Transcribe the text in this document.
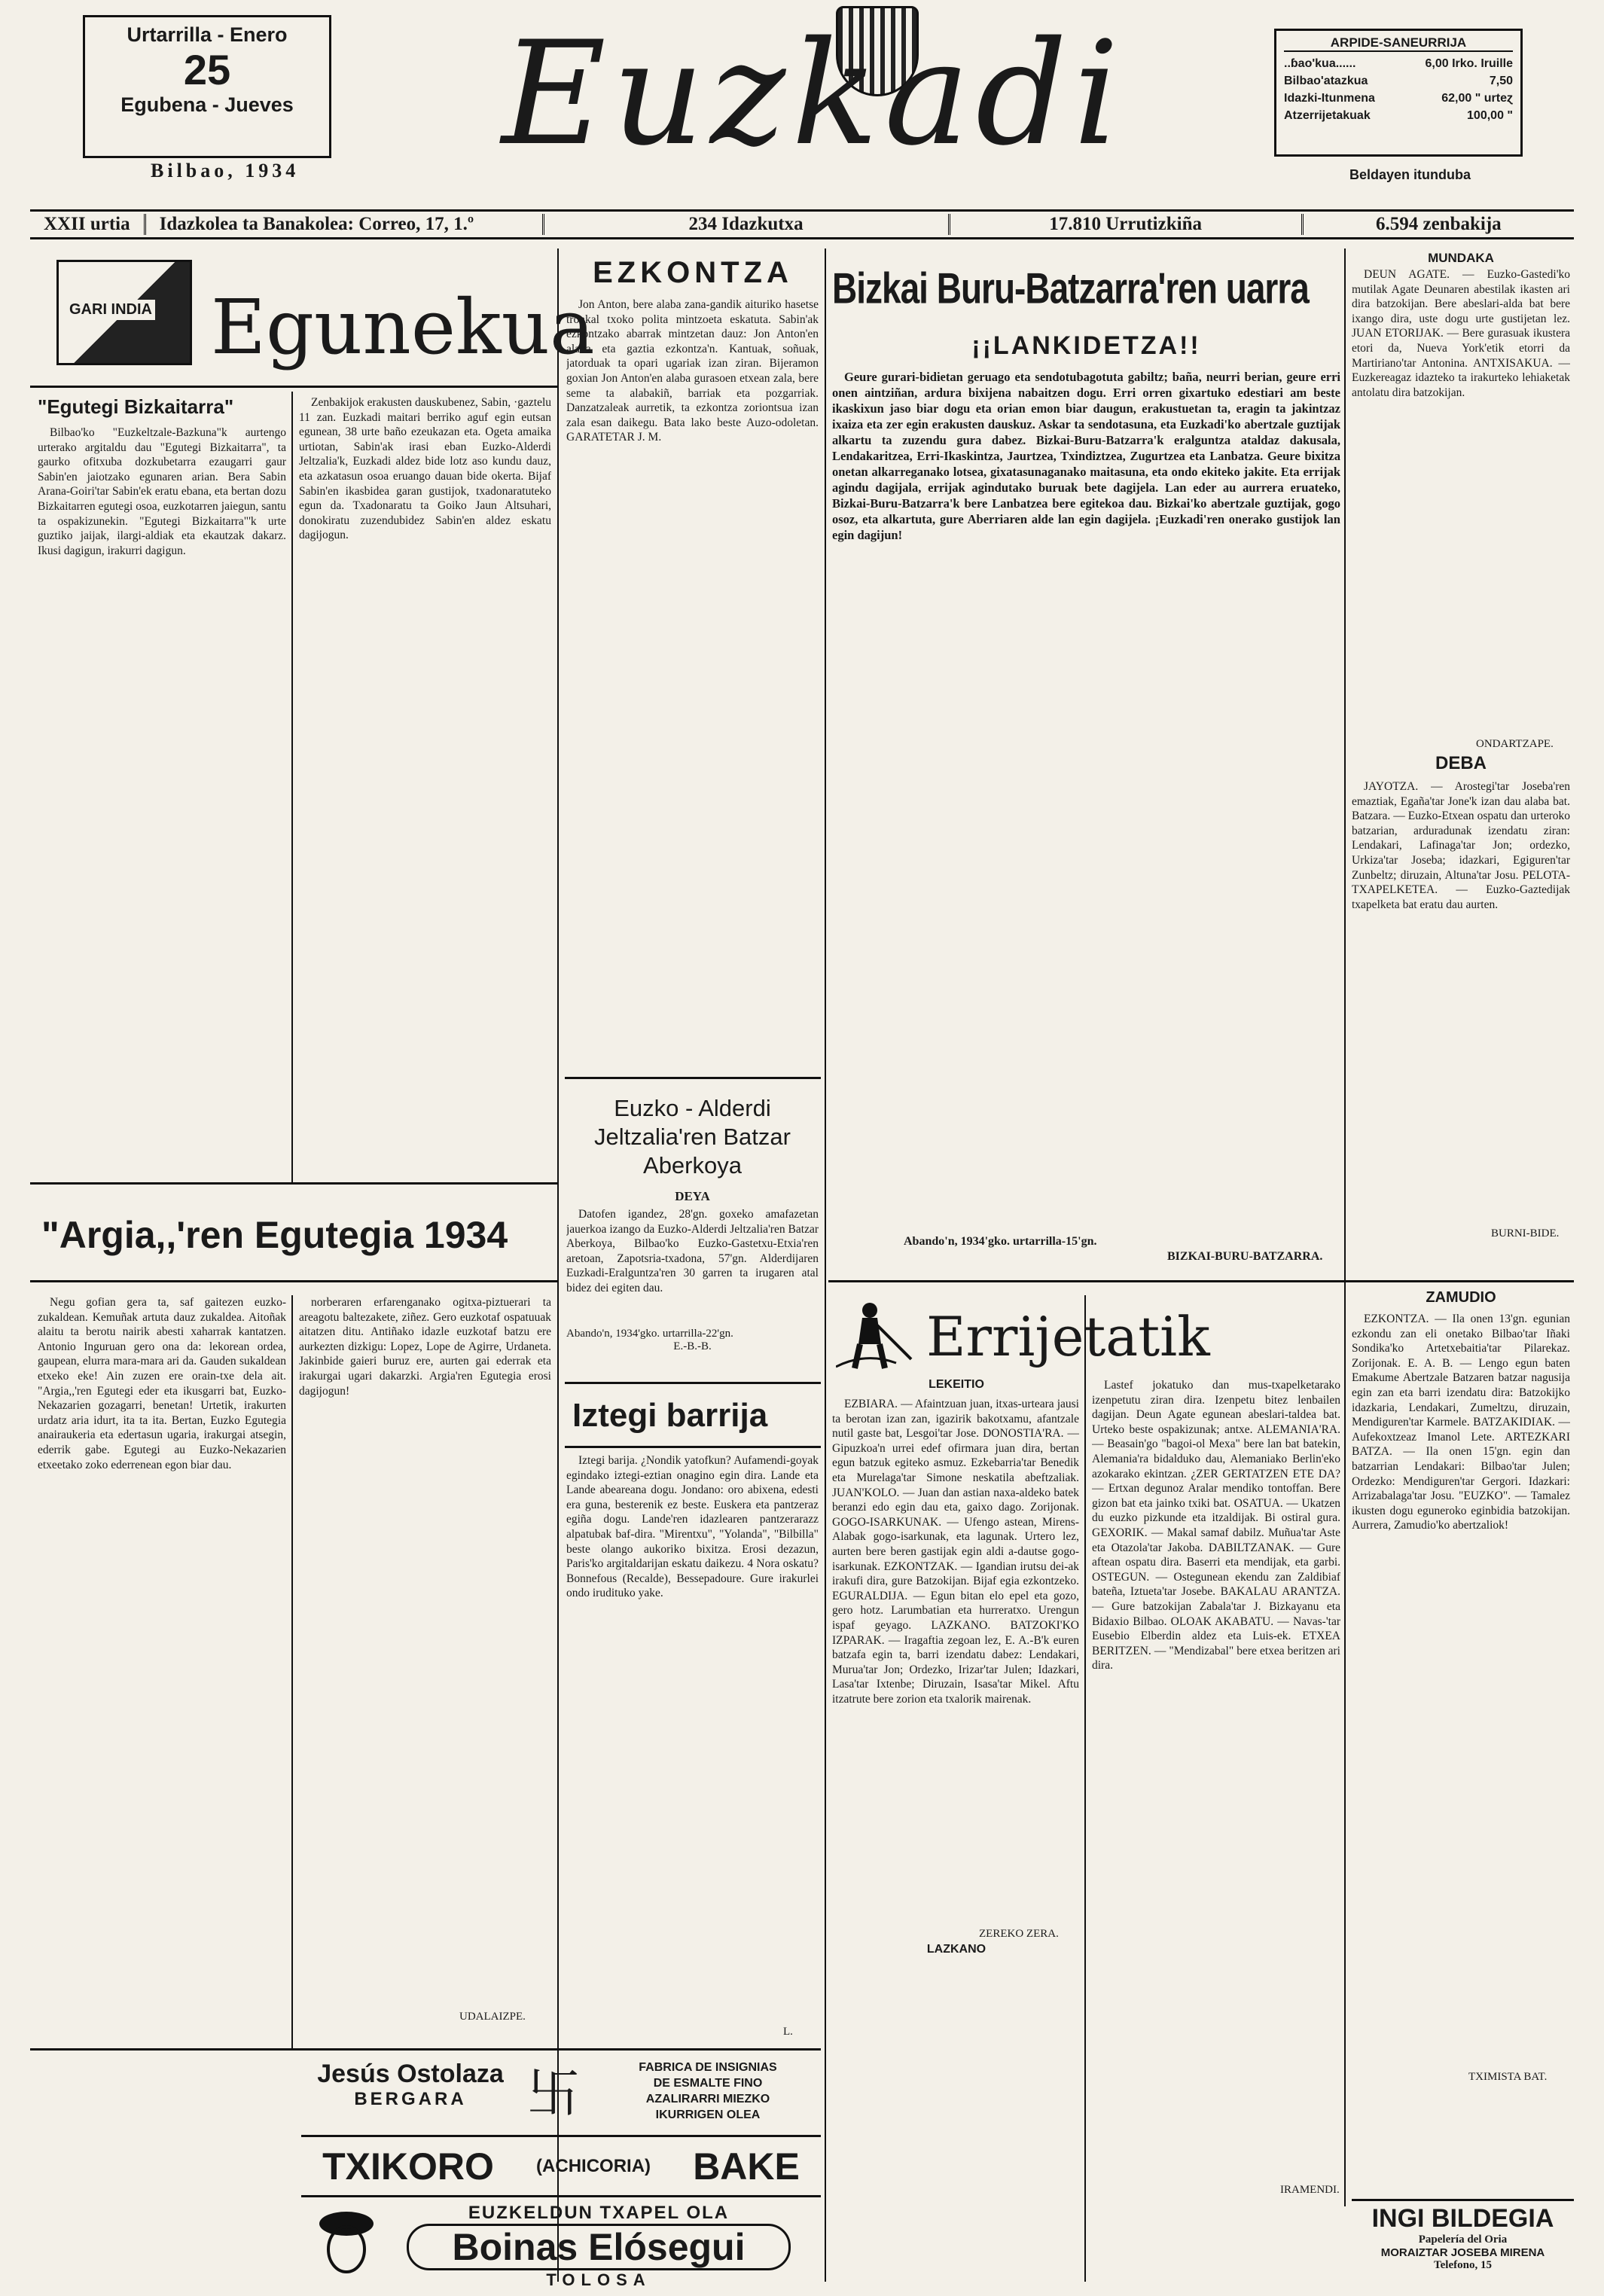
Urtarrilla - Enero
25
Egubena - Jueves
Bilbao, 1934 Euzkadi	ARPIDE-SANEURRIJA
..ɓao'kua......	6,00 Irko. Iruille
Bilbao'atazkua	7,50
Idazki-Itunmena	62,00 " urteɀ
Atzerrijetakuak	100,00 "
Beldayen itunduba
XXII urtia	Idazkolea ta Banakolea: Correo, 17, 1.º	234 Idazkutxa	17.810 Urrutizkiña	6.594 zenbakija
GARI INDIA Egunekua
"Egutegi Bizkaitarra"

Bilbao'ko "Euzkeltzale-Bazkuna"k aurtengo urterako argitaldu dau "Egutegi Bizkaitarra", ta gaurko ofitxuba dozkubetarra ezaugarri gaur Sabin'en jaiotzako egunaren arian. Bera Sabin Arana-Goiri'tar Sabin'ek eratu ebana, eta bertan dozu Bizkaitarren egutegi osoa, euzkotarren jaiegun, santu ta ospakizunekin. "Egutegi Bizkaitarra"'k urte guztiko jaijak, ilargi-aldiak eta ekautzak dakarz. Ikusi dagigun, irakurri dagigun.

Zenbakijok erakusten dauskubenez, Sabin, ·gaztelu 11 zan. Euzkadi maitari berriko aguf egin eutsan egunean, 38 urte baño ezeukazan eta. Ogeta amaika urtiotan, Sabin'ak irasi eban Euzko-Alderdi Jeltzalia'k, Euzkadi aldez bide lotz aso kundu dauz, eta azkatasun osoa eruango dauan bide okerta. Bijaf Sabin'en ikasbidea garan gustijok, txadonaratuteko egun da. Txadonaratu ta Goiko Jaun Altsuhari, donokiratu zuzendubidez Sabin'en aldez eskatu dagijogun.

EZKONTZA

Jon Anton, bere alaba zana-gandik aituriko hasetse tronkal txoko polita mintzoeta eskatuta. Sabin'ak ezkontzako abarrak mintzetan dauz: Jon Anton'en alaba eta gaztia ezkontza'n. Kantuak, soñuak, jatorduak ta opari ugariak izan ziran. Bijeramon goxian Jon Anton'en alaba gurasoen etxean zala, bere seme ta alabakiñ, barriak eta pozgarriak. Danzatzaleak aurretik, ta ezkontza zoriontsua izan zala esan daikegu. Bata lako beste Auzo-odoletan. GARATETAR J. M.

Bizkai Buru-Batzarra'ren uarra
¡¡LANKIDETZA!!

Geure gurari-bidietan geruago eta sendotubagotuta gabiltz; baña, neurri berian, geure erri onen aintziñan, ardura bixijena nabaitzen dogu. Erri orren gixartuko edestiari am beste ikaskixun jaso biar dogu eta orian emon biar daugun, erakustuetan ta, eragin ta jakintzaz ixaiza eta zer egin erakusten dauskuz. Askar ta sendotasuna, eta Euzkadi'ko abertzale guztijak alkartu ta zuzendu gura dabez. Bizkai-Buru-Batzarra'k eralguntza ataldaz dakusala, Lendakaritzea, Erri-Ikaskintza, Jaurtzea, Txindiztzea, Zugurtzea eta Lanbatza. Geure bixitza onetan alkarreganako lotsea, gixatasunaganako maitasuna, eta ondo ekiteko jakite. Eta errijak agindu dagijala, errijak agindutako buruak bete dagijela. Lan eder au aurrera eruateko, Bizkai-Buru-Batzarra'k bere Lanbatzea bere egitekoa dau. Bizkai'ko abertzale guztijak, gogo osoz, eta alkartuta, gure Aberriaren alde lan egin dagijela. ¡Euzkadi'ren onerako gustijok lan egin dagijun!

Abando'n, 1934'gko. urtarrilla-15'gn.
BIZKAI-BURU-BATZARRA.
MUNDAKA

DEUN AGATE. — Euzko-Gastedi'ko mutilak Agate Deunaren abestilak ikasten ari dira batzokijan. Bere abeslari-alda bat bere ixango dira, uste dogu urte gustijetan lez. JUAN ETORIJAK. — Bere gurasuak ikustera etori da, Nueva York'etik etorri da Martiriano'tar Antonina. ANTXISAKUA. — Euzkereagaz idazteko ta irakurteko lehiaketak antolatu dira batzokijan.

ONDARTZAPE.
DEBA

JAYOTZA. — Arostegi'tar Joseba'ren emaztiak, Egaña'tar Jone'k izan dau alaba bat. Batzara. — Euzko-Etxean ospatu dan urteroko batzarian, arduradunak izendatu ziran: Lendakari, Lafinaga'tar Jon; ordezko, Urkiza'tar Joseba; idazkari, Egiguren'tar Zunbeltz; diruzain, Altuna'tar Josu. PELOTA-TXAPELKETEA. — Euzko-Gaztedijak txapelketa bat eratu dau aurten.

BURNI-BIDE.
ZAMUDIO

EZKONTZA. — Ila onen 13'gn. egunian ezkondu zan eli onetako Bilbao'tar Iñaki Sondika'ko Artetxebaitia'tar Pilarekaz. Zorijonak. E. A. B. — Lengo egun baten Emakume Abertzale Batzaren batzar nagusija egin zan eta barri izendatu dira: Batzokijko idazkaria, Lendakari, Zumeltzu, diruzain, Mendiguren'tar Karmele. BATZAKIDIAK. — Aufekoxtzeaz Imanol Lete. ARTEZKARI BATZA. — Ila onen 15'gn. egin dan batzarrian Lendakari: Bilbao'tar Julen; Ordezko: Mendiguren'tar Gergori. Idazkari: Arrizabalaga'tar Josu. "EUZKO". — Tamalez ikusten dogu eguneroko eginbidia batzokijan. Aurrera, Zamudio'ko abertzaliok!

TXIMISTA BAT.
"Argia,,'ren Egutegia 1934

Negu gofian gera ta, saf gaitezen euzko-zukaldean. Kemuñak artuta dauz zukaldea. Aitoñak alaitu ta berotu nairik abesti xaharrak kantatzen. Antonio Inguruan gero ona da: lekorean ordea, gaupean, elurra mara-mara ari da. Gauden sukaldean etxeko eke! Ain zuzen ere orain-txe dela ait. "Argia,,'ren Egutegi eder eta ikusgarri bat, Euzko-Nekazarien gozagarri, benetan! Urtetik, irakurten urdatz aria idurt, ita ta ita. Bertan, Euzko Egutegia anairaukeria eta edertasun ugaria, irakurgai atsegin, ederrik gabe. Egutegi au Euzko-Nekazarien etxeetako zoko ederrenean egon biar dau.

norberaren erfarenganako ogitxa-piztuerari ta areagotu baltezakete, ziñez. Gero euzkotaf ospatuuak aitatzen ditu. Antiñako idazle euzkotaf batzu ere aurkezten dizkigu: Lopez, Lope de Agirre, Urdaneta. Jakinbide gaieri buruz ere, aurten gai ederrak eta irakurgai ugari dakarzki. Argia'ren Egutegia erosi dagijogun!

UDALAIZPE.
Euzko - Alderdi Jeltzalia'ren Batzar Aberkoya
DEYA

Datofen igandez, 28'gn. goxeko amafazetan jauerkoa izango da Euzko-Alderdi Jeltzalia'ren Batzar Aberkoya, Bilbao'ko Euzko-Gastetxu-Etxia'ren aretoan, Zapotsria-txadona, 57'gn. Alderdijaren Euzkadi-Eralguntza'ren 30 garren ta irugaren atal bidez dei egiten dau.

Abando'n, 1934'gko. urtarrilla-22'gn.
E.-B.-B.
Iztegi barrija

Iztegi barija. ¿Nondik yatofkun? Aufamendi-goyak egindako iztegi-eztian onagino egin dira. Lande eta Lande abeareana dogu. Jondano: oro abixena, edesti era guna, besterenik ez beste. Euskera eta pantzeraz egiña dogu. Lande'ren idazlearen pantzerarazz alpatubak baf-dira. "Mirentxu", "Yolanda", "Bilbilla" beste olango aukoriko bixitza. Erosi dezazun, Paris'ko argitaldarijan eskatu daikezu. 4 Nora oskatu? Bonnefous (Recalde), Bessepadoure. Gure irakurlei ondo irudituko yake.

L.
Errijetatik
LEKEITIO

EZBIARA. — Afaintzuan juan, itxas-urteara jausi ta berotan izan zan, igazirik bakotxamu, afantzale nutil gaste bat, Lesgoi'tar Jose. DONOSTIA'RA. — Gipuzkoa'n urrei edef ofirmara juan dira, bertan egun batzuk egiteko asmuz. Ezkebarria'tar Benedik eta Murelaga'tar Simone neskatila abeftzaliak. JUAN'KOLO. — Juan dan astian naxa-aldeko batek beranzi edo egin dau eta, gaixo dago. Zorijonak. GOGO-ISARKUNAK. — Ufengo astean, Mirens-Alabak gogo-isarkunak, eta lagunak. Urtero lez, aurten bere beren gastijak egin aldi a-dautse gogo-isarkunak. EZKONTZAK. — Igandian irutsu dei-ak irakufi dira, gure Batzokijan. Bijaf egia ezkontzeko. EGURALDIJA. — Egun bitan elo epel eta gozo, gero hotz. Larumbatian eta hurreratxo. Urengun ispaf geyago. LAZKANO. BATZOKI'KO IZPARAK. — Iragaftia zegoan lez, E. A.-B'k euren batzafa egin ta, barri izendatu dabez: Lendakari, Murua'tar Jon; Ordezko, Irizar'tar Julen; Idazkari, Lasa'tar Ixtenbe; Diruzain, Isasa'tar Mikel. Aftu itzatrute bere zorion eta txalorik mairenak.

ZEREKO ZERA.
LAZKANO

Lastef jokatuko dan mus-txapelketarako izenpetutu ziran dira. Izenpetu bitez lenbailen dagijan. Deun Agate egunean abeslari-taldea bat. Urteko beste ospakizunak; antxe. ALEMANIA'RA. — Beasain'go "bagoi-ol Mexa" bere lan bat batekin, Alemania'ra bidalduko dau, Alemaniako Berlin'eko azokarako ekintzan. ¿ZER GERTATZEN ETE DA? — Ertxan degunoz Aralar mendiko tontoffan. Bere gizon bat eta jainko txiki bat. OSATUA. — Ukatzen du euzko pizkunde eta itzaldijak. Bi ostiral gura. GEXORIK. — Makal samaf dabilz. Muñua'tar Aste eta Otazola'tar Jakoba. DABILTZANAK. — Gure aftean ospatu dira. Baserri eta mendijak, eta garbi. OSTEGUN. — Ostegunean ekendu zan Zaldibiaf bateña, Iztueta'tar Josebe. BAKALAU ARANTZA. — Gure batzokijan Zabala'tar J. Bizkayanu eta Bidaxio Bilbao. OLOAK AKABATU. — Navas-'tar Eusebio Elberdin aldez eta Luis-ek. ETXEA BERITZEN. — "Mendizabal" bere etxea beritzen ari dira.

IRAMENDI.
Jesús Ostolaza
BERGARA	卐	FABRICA DE INSIGNIAS
DE ESMALTE FINO
AZALIRARRI MIEZKO
IKURRIGEN OLEA
TXIKORO (ACHICORIA) BAKE
EUZKELDUN TXAPEL OLA
Boinas Elósegui
TOLOSA
INGI BILDEGIA
Papelería del Oria
MORAIZTAR JOSEBA MIRENA
Telefono, 15
